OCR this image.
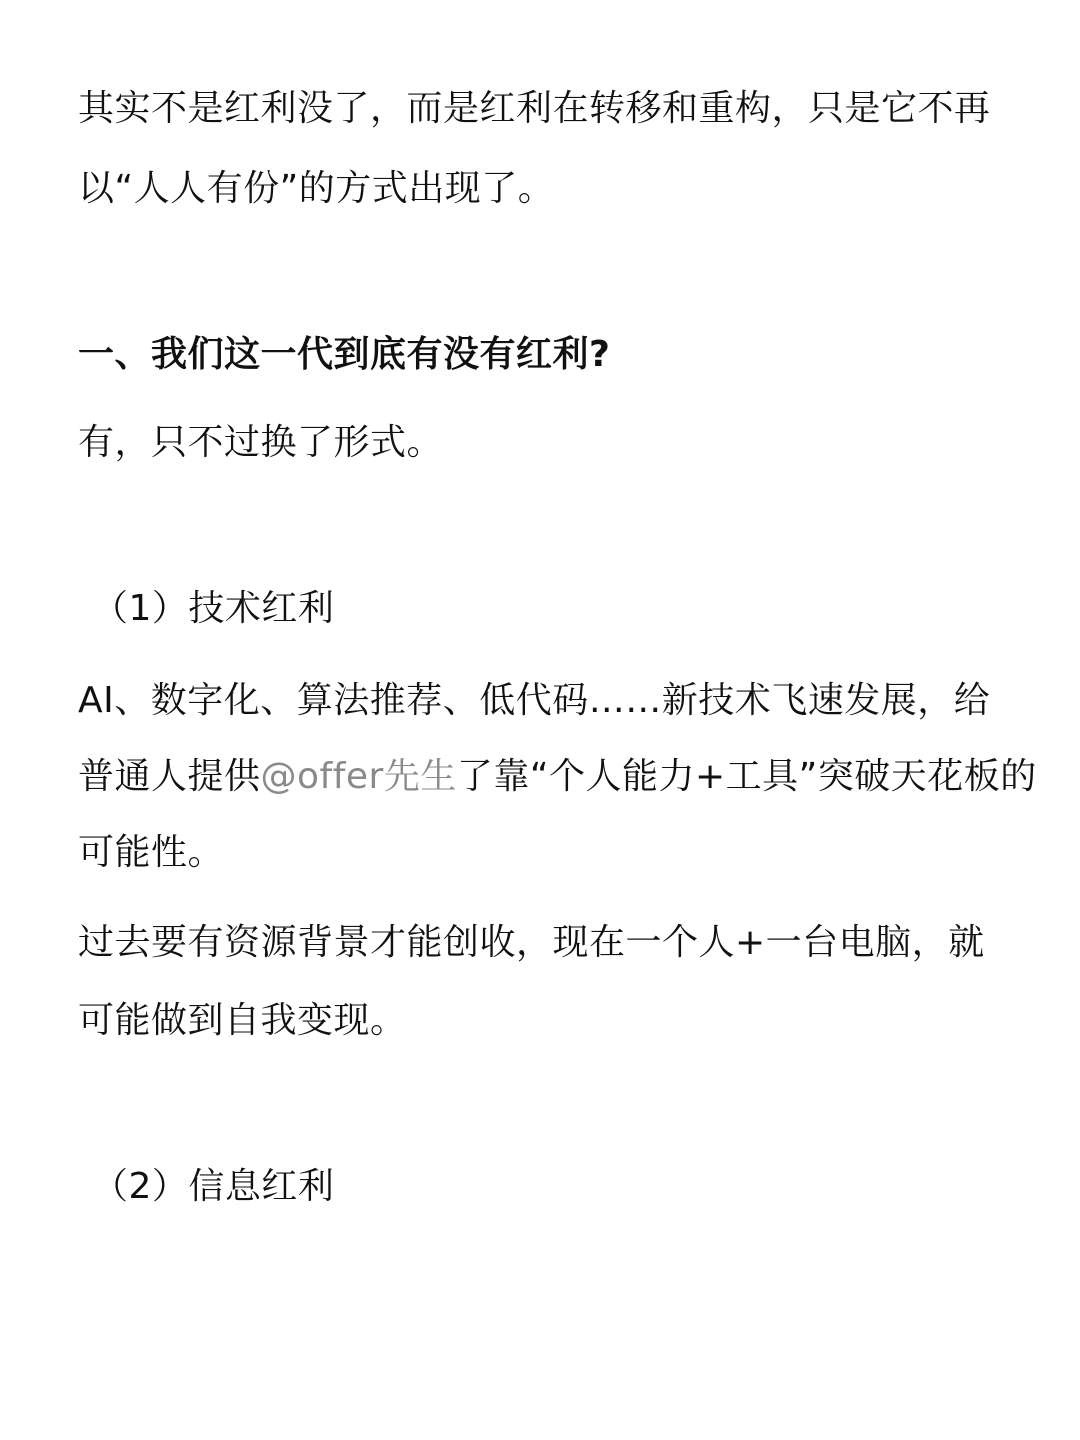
其实不是红利没了，而是红利在转移和重构，只是它不再
以“人人有份”的方式出现了。
一、我们这一代到底有没有红利?
有，只不过换了形式。
（1）技术红利
AI、数字化、算法推荐、低代码……新技术飞速发展，给
普通人提供@offer先生了靠“个人能力+工具”突破天花板的
可能性。
过去要有资源背景才能创收，现在一个人+一台电脑，就
可能做到自我变现。
（2）信息红利
